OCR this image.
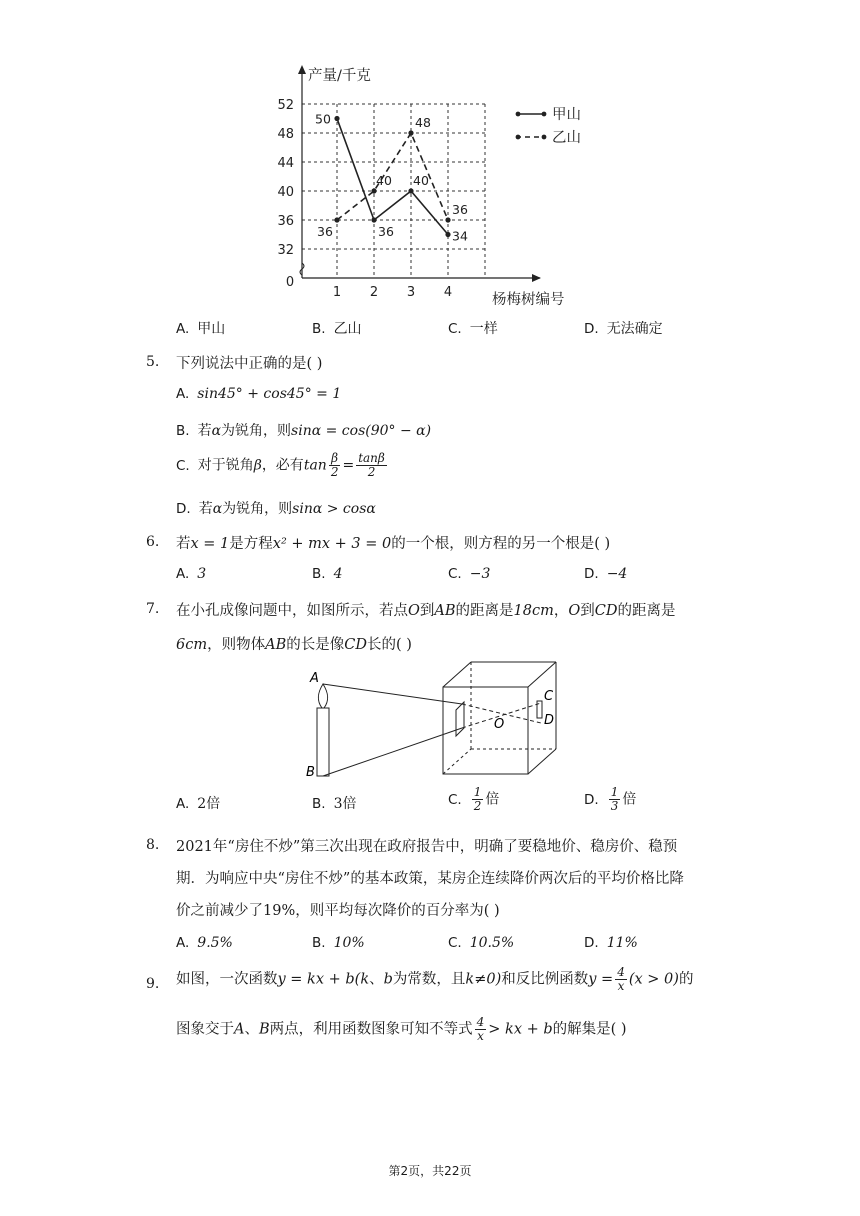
52
48
44
40
36
32
0
1 2 3 4
产量/千克
杨梅树编号
50
36
40
34
36
40
48
36
甲山
乙山
A. 甲山	B. 乙山	C. 一样	D. 无法确定
5. 下列说法中正确的是( )
A. sin45° + cos45° = 1
B. 若α为锐角，则sinα = cos(90° − α)
C. 对于锐角β，必有$\tan \frac{\beta}{2} = \frac{\tan\beta}{2}$
D. 若α为锐角，则sinα > cosα
6. 若x = 1是方程x² + mx + 3 = 0的一个根，则方程的另一个根是( )
A. 3	B. 4	C. −3	D. −4
7. 在小孔成像问题中，如图所示，若点O到AB的距离是18cm，O到CD的距离是
6cm，则物体AB的长是像CD长的( )
A
B
O
C
D
A. 2倍	B. 3倍	C. $\frac{1}{2}$ 倍	D. $\frac{1}{3}$ 倍
8. 2021年“房住不炒”第三次出现在政府报告中，明确了要稳地价、稳房价、稳预
期．为响应中央“房住不炒”的基本政策，某房企连续降价两次后的平均价格比降
价之前减少了19%，则平均每次降价的百分率为( )
A. 9.5%	B. 10%	C. 10.5%	D. 11%
9. 如图，一次函数y = kx + b(k、b为常数，且k≠0)和反比例函数$y = \frac{4}{x} (x > 0)$的
图象交于A、B两点，利用函数图象可知不等式 $\frac{4}{x}$ > kx + b的解集是( )
第2页，共22页
